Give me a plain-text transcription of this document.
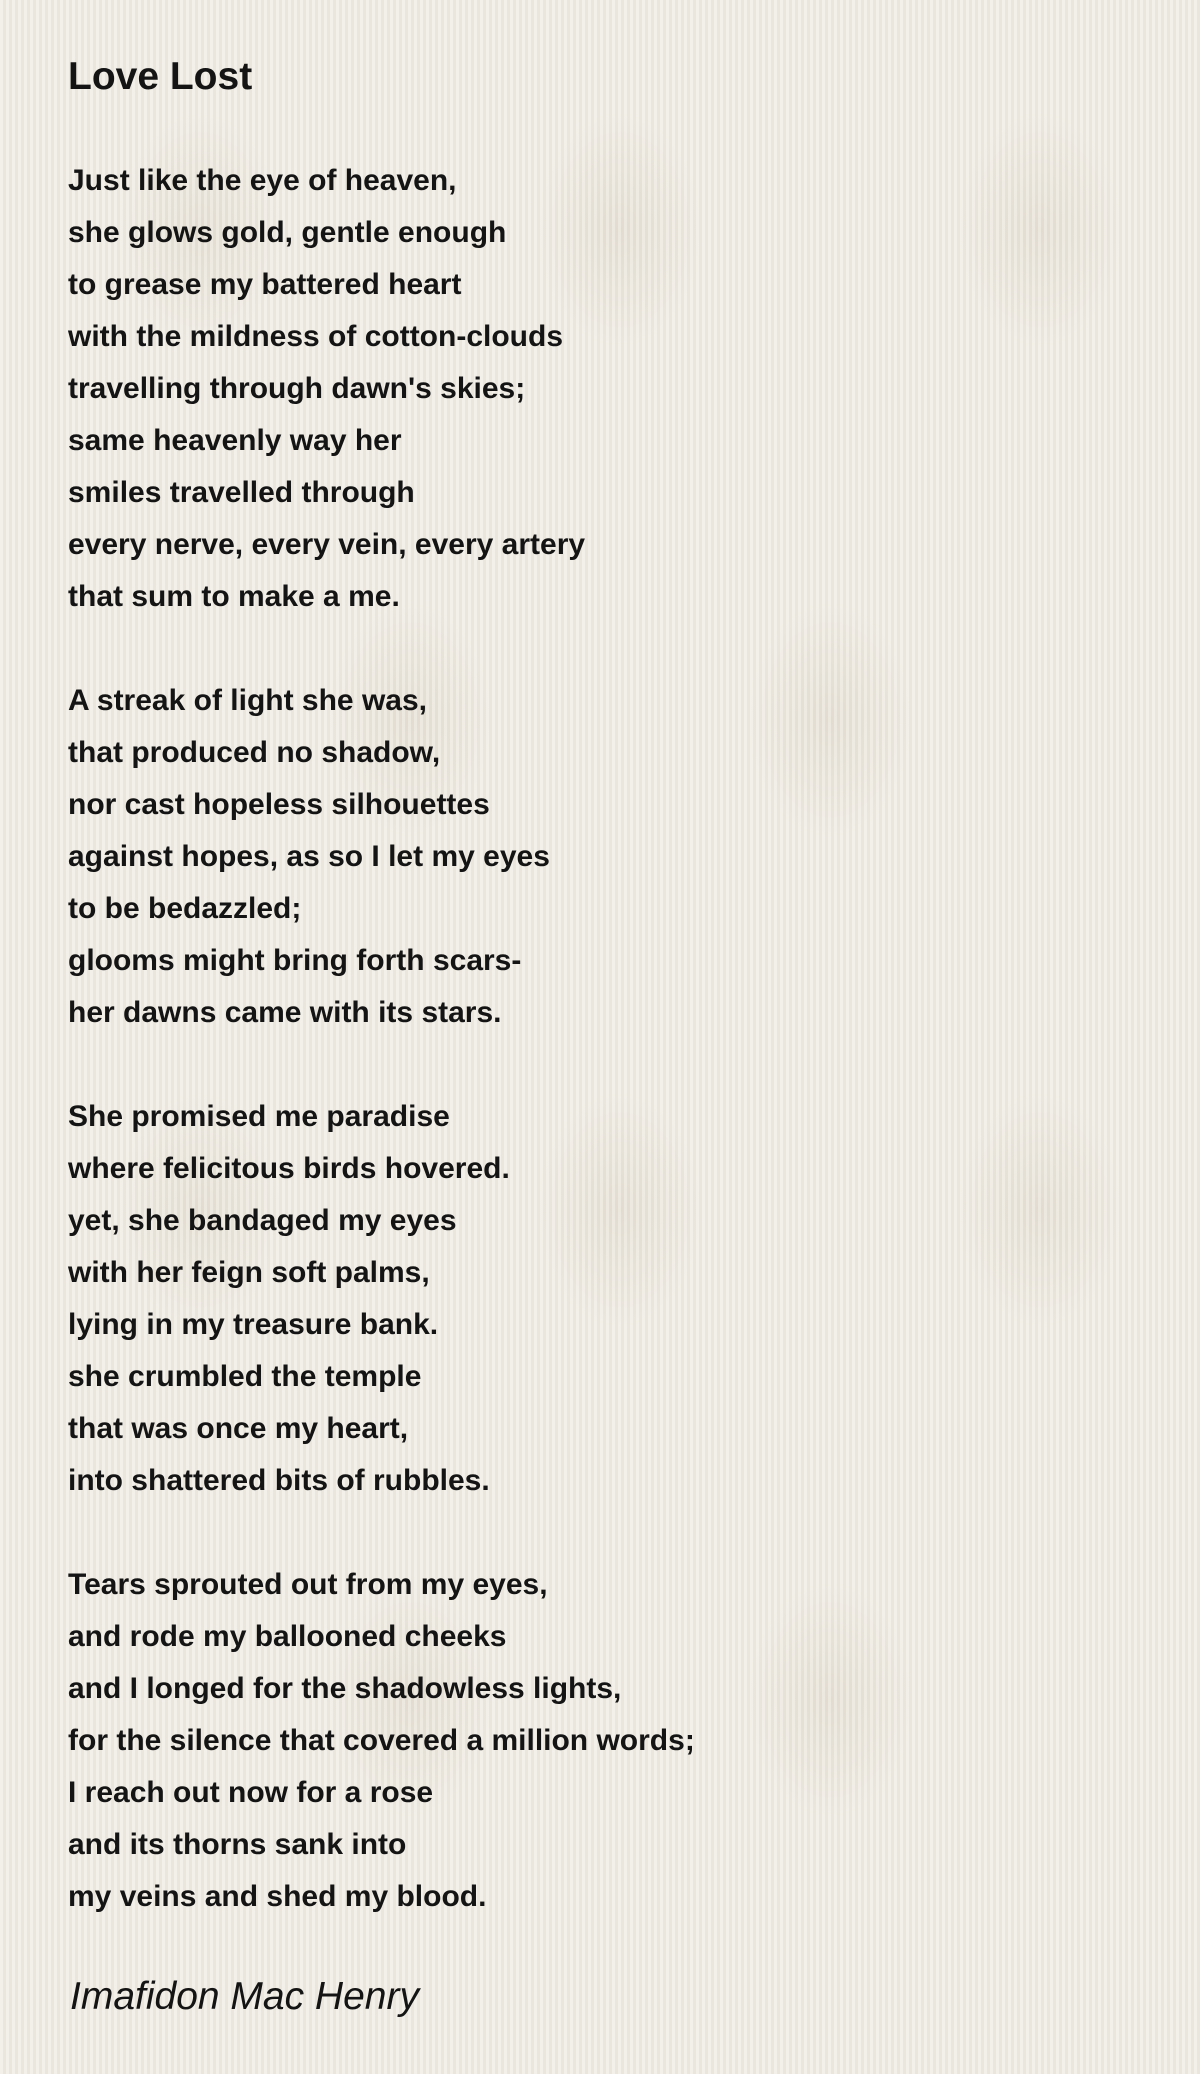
Love Lost
Just like the eye of heaven,
she glows gold, gentle enough
to grease my battered heart
with the mildness of cotton-clouds
travelling through dawn's skies;
same heavenly way her
smiles travelled through
every nerve, every vein, every artery
that sum to make a me.
A streak of light she was,
that produced no shadow,
nor cast hopeless silhouettes
against hopes, as so I let my eyes
to be bedazzled;
glooms might bring forth scars-
her dawns came with its stars.
She promised me paradise
where felicitous birds hovered.
yet, she bandaged my eyes
with her feign soft palms,
lying in my treasure bank.
she crumbled the temple
that was once my heart,
into shattered bits of rubbles.
Tears sprouted out from my eyes,
and rode my ballooned cheeks
and I longed for the shadowless lights,
for the silence that covered a million words;
I reach out now for a rose
and its thorns sank into
my veins and shed my blood.
Imafidon Mac Henry
